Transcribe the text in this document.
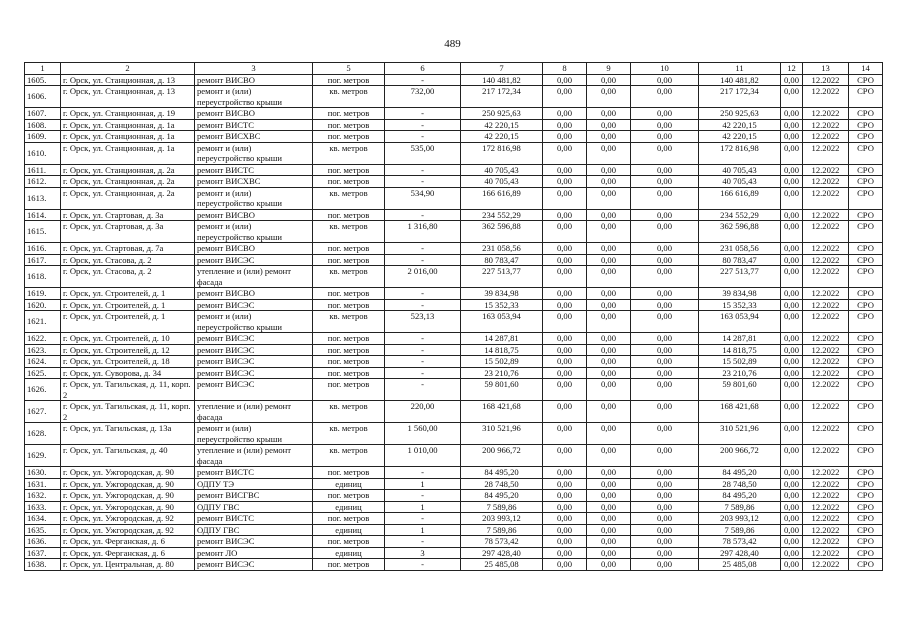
489
1	2	3	5	6	7	8	9	10	11	12	13	14
1605.	г. Орск, ул. Станционная, д. 13	ремонт ВИСВО	пог. метров	-	140 481,82	0,00	0,00	0,00	140 481,82	0,00	12.2022	СРО
1606.	г. Орск, ул. Станционная, д. 13	ремонт и (или) переустройство крыши	кв. метров	732,00	217 172,34	0,00	0,00	0,00	217 172,34	0,00	12.2022	СРО
1607.	г. Орск, ул. Станционная, д. 19	ремонт ВИСВО	пог. метров	-	250 925,63	0,00	0,00	0,00	250 925,63	0,00	12.2022	СРО
1608.	г. Орск, ул. Станционная, д. 1а	ремонт ВИСТС	пог. метров	-	42 220,15	0,00	0,00	0,00	42 220,15	0,00	12.2022	СРО
1609.	г. Орск, ул. Станционная, д. 1а	ремонт ВИСХВС	пог. метров	-	42 220,15	0,00	0,00	0,00	42 220,15	0,00	12.2022	СРО
1610.	г. Орск, ул. Станционная, д. 1а	ремонт и (или) переустройство крыши	кв. метров	535,00	172 816,98	0,00	0,00	0,00	172 816,98	0,00	12.2022	СРО
1611.	г. Орск, ул. Станционная, д. 2а	ремонт ВИСТС	пог. метров	-	40 705,43	0,00	0,00	0,00	40 705,43	0,00	12.2022	СРО
1612.	г. Орск, ул. Станционная, д. 2а	ремонт ВИСХВС	пог. метров	-	40 705,43	0,00	0,00	0,00	40 705,43	0,00	12.2022	СРО
1613.	г. Орск, ул. Станционная, д. 2а	ремонт и (или) переустройство крыши	кв. метров	534,90	166 616,89	0,00	0,00	0,00	166 616,89	0,00	12.2022	СРО
1614.	г. Орск, ул. Стартовая, д. 3а	ремонт ВИСВО	пог. метров	-	234 552,29	0,00	0,00	0,00	234 552,29	0,00	12.2022	СРО
1615.	г. Орск, ул. Стартовая, д. 3а	ремонт и (или) переустройство крыши	кв. метров	1 316,80	362 596,88	0,00	0,00	0,00	362 596,88	0,00	12.2022	СРО
1616.	г. Орск, ул. Стартовая, д. 7а	ремонт ВИСВО	пог. метров	-	231 058,56	0,00	0,00	0,00	231 058,56	0,00	12.2022	СРО
1617.	г. Орск, ул. Стасова, д. 2	ремонт ВИСЭС	пог. метров	-	80 783,47	0,00	0,00	0,00	80 783,47	0,00	12.2022	СРО
1618.	г. Орск, ул. Стасова, д. 2	утепление и (или) ремонт фасада	кв. метров	2 016,00	227 513,77	0,00	0,00	0,00	227 513,77	0,00	12.2022	СРО
1619.	г. Орск, ул. Строителей, д. 1	ремонт ВИСВО	пог. метров	-	39 834,98	0,00	0,00	0,00	39 834,98	0,00	12.2022	СРО
1620.	г. Орск, ул. Строителей, д. 1	ремонт ВИСЭС	пог. метров	-	15 352,33	0,00	0,00	0,00	15 352,33	0,00	12.2022	СРО
1621.	г. Орск, ул. Строителей, д. 1	ремонт и (или) переустройство крыши	кв. метров	523,13	163 053,94	0,00	0,00	0,00	163 053,94	0,00	12.2022	СРО
1622.	г. Орск, ул. Строителей, д. 10	ремонт ВИСЭС	пог. метров	-	14 287,81	0,00	0,00	0,00	14 287,81	0,00	12.2022	СРО
1623.	г. Орск, ул. Строителей, д. 12	ремонт ВИСЭС	пог. метров	-	14 818,75	0,00	0,00	0,00	14 818,75	0,00	12.2022	СРО
1624.	г. Орск, ул. Строителей, д. 18	ремонт ВИСЭС	пог. метров	-	15 502,89	0,00	0,00	0,00	15 502,89	0,00	12.2022	СРО
1625.	г. Орск, ул. Суворова, д. 34	ремонт ВИСЭС	пог. метров	-	23 210,76	0,00	0,00	0,00	23 210,76	0,00	12.2022	СРО
1626.	г. Орск, ул. Тагильская, д. 11, корп. 2	ремонт ВИСЭС	пог. метров	-	59 801,60	0,00	0,00	0,00	59 801,60	0,00	12.2022	СРО
1627.	г. Орск, ул. Тагильская, д. 11, корп. 2	утепление и (или) ремонт фасада	кв. метров	220,00	168 421,68	0,00	0,00	0,00	168 421,68	0,00	12.2022	СРО
1628.	г. Орск, ул. Тагильская, д. 13а	ремонт и (или) переустройство крыши	кв. метров	1 560,00	310 521,96	0,00	0,00	0,00	310 521,96	0,00	12.2022	СРО
1629.	г. Орск, ул. Тагильская, д. 40	утепление и (или) ремонт фасада	кв. метров	1 010,00	200 966,72	0,00	0,00	0,00	200 966,72	0,00	12.2022	СРО
1630.	г. Орск, ул. Ужгородская, д. 90	ремонт ВИСТС	пог. метров	-	84 495,20	0,00	0,00	0,00	84 495,20	0,00	12.2022	СРО
1631.	г. Орск, ул. Ужгородская, д. 90	ОДПУ ТЭ	единиц	1	28 748,50	0,00	0,00	0,00	28 748,50	0,00	12.2022	СРО
1632.	г. Орск, ул. Ужгородская, д. 90	ремонт ВИСГВС	пог. метров	-	84 495,20	0,00	0,00	0,00	84 495,20	0,00	12.2022	СРО
1633.	г. Орск, ул. Ужгородская, д. 90	ОДПУ ГВС	единиц	1	7 589,86	0,00	0,00	0,00	7 589,86	0,00	12.2022	СРО
1634.	г. Орск, ул. Ужгородская, д. 92	ремонт ВИСТС	пог. метров	-	203 993,12	0,00	0,00	0,00	203 993,12	0,00	12.2022	СРО
1635.	г. Орск, ул. Ужгородская, д. 92	ОДПУ ГВС	единиц	1	7 589,86	0,00	0,00	0,00	7 589,86	0,00	12.2022	СРО
1636.	г. Орск, ул. Ферганская, д. 6	ремонт ВИСЭС	пог. метров	-	78 573,42	0,00	0,00	0,00	78 573,42	0,00	12.2022	СРО
1637.	г. Орск, ул. Ферганская, д. 6	ремонт ЛО	единиц	3	297 428,40	0,00	0,00	0,00	297 428,40	0,00	12.2022	СРО
1638.	г. Орск, ул. Центральная, д. 80	ремонт ВИСЭС	пог. метров	-	25 485,08	0,00	0,00	0,00	25 485,08	0,00	12.2022	СРО
